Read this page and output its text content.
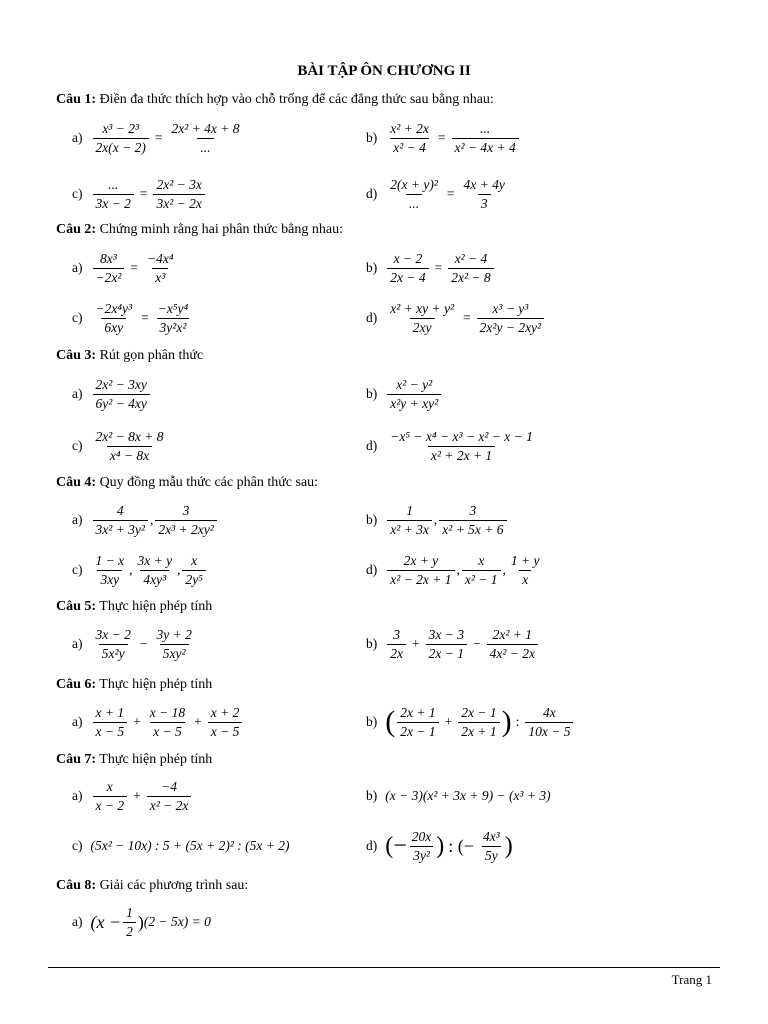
BÀI TẬP ÔN CHƯƠNG II
Câu 1: Điền đa thức thích hợp vào chỗ trống để các đẳng thức sau bằng nhau:
$a) \frac{\text{x³ − 2³}}{2x(x - 2)} = \frac{\text{2x² + 4x + 8}}{...}$	$b) \frac{\text{x² + 2x}}{\text{x² − 4}} = \frac{...}{\text{x² − 4x + 4}}$
$c) \frac{...}{3x - 2} = \frac{\text{2x² − 3x}}{\text{3x² − 2x}}$	$d) \frac{\text{2(x + y)²}}{...} = \frac{4x + 4y}{3}$
Câu 2: Chứng minh rằng hai phân thức bằng nhau:
$a) \frac{\text{8x³}}{\text{−2x²}} = \frac{\text{−4x⁴}}{\text{x³}}$	$b) \frac{x - 2}{2x - 4} = \frac{\text{x² − 4}}{\text{2x² − 8}}$
$c) \frac{\text{−2x⁴y³}}{6xy} = \frac{\text{−x⁵y⁴}}{\text{3y²x²}}$	$d) \frac{\text{x² + xy + y²}}{2xy} = \frac{\text{x³ − y³}}{\text{2x²y − 2xy²}}$
Câu 3: Rút gọn phân thức
$a) \frac{\text{2x² − 3xy}}{\text{6y² − 4xy}}$	$b) \frac{\text{x² − y²}}{\text{x²y + xy²}}$
$c) \frac{\text{2x² − 8x + 8}}{\text{x⁴ − 8x}}$	$d) \frac{\text{−x⁵ − x⁴ − x³ − x² − x − 1}}{\text{x² + 2x + 1}}$
Câu 4: Quy đồng mẫu thức các phân thức sau:
$a) \frac{4}{\text{3x² + 3y²}}$ , $\frac{3}{\text{2x³ + 2xy²}}$	$b) \frac{1}{\text{x² + 3x}}$ , $\frac{3}{\text{x² + 5x + 6}}$
$c) \frac{1 - x}{3xy}$ , $\frac{3x + y}{\text{4xy³}}$ , $\frac{x}{\text{2y⁵}}$	$d) \frac{2x + y}{\text{x² − 2x + 1}}$ , $\frac{x}{\text{x² − 1}}$ , $\frac{1 + y}{x}$
Câu 5: Thực hiện phép tính
$a) \frac{3x - 2}{\text{5x²y}} - \frac{3y + 2}{\text{5xy²}}$	$b) \frac{3}{2x} + \frac{3x - 3}{2x - 1} - \frac{\text{2x² + 1}}{\text{4x² − 2x}}$
Câu 6: Thực hiện phép tính
$a) \frac{x + 1}{x - 5} + \frac{x - 18}{x - 5} + \frac{x + 2}{x - 5}$	b) ( $\frac{2x + 1}{2x - 1} + \frac{2x - 1}{2x + 1}$ ) : $\frac{4x}{10x - 5}$
Câu 7: Thực hiện phép tính
$a) \frac{x}{x - 2} + \frac{-4}{\text{x² − 2x}}$	b) (x − 3)(x² + 3x + 9) − (x³ + 3)
c) (5x² − 10x) : 5 + (5x + 2)² : (5x + 2)	d) (− $\frac{20x}{\text{3y²}}$ ) : (− $\frac{\text{4x³}}{5y}$ )
Câu 8: Giải các phương trình sau:
a) ($x - \frac{1}{2}$ ) (2 − 5x) = 0
Trang 1
